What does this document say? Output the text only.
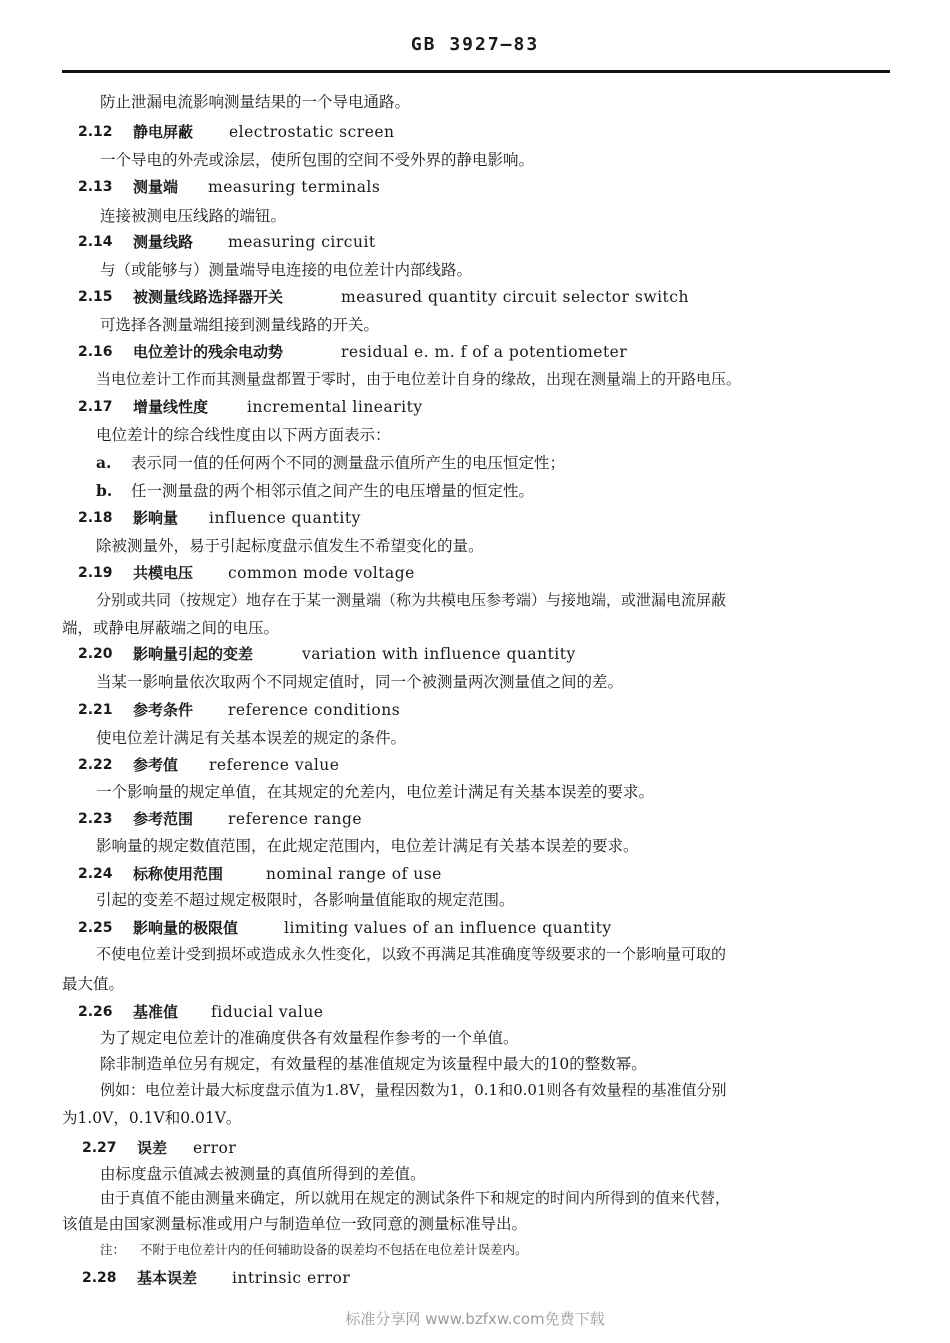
GB 3927—83
防止泄漏电流影响测量结果的一个导电通路。
2.12 静电屏蔽 electrostatic screen
一个导电的外壳或涂层，使所包围的空间不受外界的静电影响。
2.13 测量端 measuring terminals
连接被测电压线路的端钮。
2.14 测量线路 measuring circuit
与（或能够与）测量端导电连接的电位差计内部线路。
2.15 被测量线路选择器开关	measured quantity circuit selector switch
可选择各测量端组接到测量线路的开关。
2.16 电位差计的残余电动势	residual e. m. f of a potentiometer
当电位差计工作而其测量盘都置于零时，由于电位差计自身的缘故，出现在测量端上的开路电压。
2.17 增量线性度	incremental linearity
电位差计的综合线性度由以下两方面表示：
a. 表示同一值的任何两个不同的测量盘示值所产生的电压恒定性；
b. 任一测量盘的两个相邻示值之间产生的电压增量的恒定性。
2.18 影响量 influence quantity
除被测量外，易于引起标度盘示值发生不希望变化的量。
2.19 共模电压 common mode voltage
分别或共同（按规定）地存在于某一测量端（称为共模电压参考端）与接地端，或泄漏电流屏蔽
端，或静电屏蔽端之间的电压。
2.20 影响量引起的变差	variation with influence quantity
当某一影响量依次取两个不同规定值时，同一个被测量两次测量值之间的差。
2.21 参考条件 reference conditions
使电位差计满足有关基本误差的规定的条件。
2.22 参考值 reference value
一个影响量的规定单值，在其规定的允差内，电位差计满足有关基本误差的要求。
2.23 参考范围 reference range
影响量的规定数值范围，在此规定范围内，电位差计满足有关基本误差的要求。
2.24 标称使用范围	nominal range of use
引起的变差不超过规定极限时，各影响量值能取的规定范围。
2.25 影响量的极限值	limiting values of an influence quantity
不使电位差计受到损坏或造成永久性变化，以致不再满足其准确度等级要求的一个影响量可取的
最大值。
2.26 基准值 fiducial value
为了规定电位差计的准确度供各有效量程作参考的一个单值。
除非制造单位另有规定，有效量程的基准值规定为该量程中最大的10的整数幂。
例如：电位差计最大标度盘示值为1.8V，量程因数为1，0.1和0.01则各有效量程的基准值分别
为1.0V，0.1V和0.01V。
2.27 误差 error
由标度盘示值减去被测量的真值所得到的差值。
由于真值不能由测量来确定，所以就用在规定的测试条件下和规定的时间内所得到的值来代替，
该值是由国家测量标准或用户与制造单位一致同意的测量标准导出。
注： 不附于电位差计内的任何辅助设备的误差均不包括在电位差计误差内。
2.28 基本误差 intrinsic error
标准分享网 www.bzfxw.com免费下载
